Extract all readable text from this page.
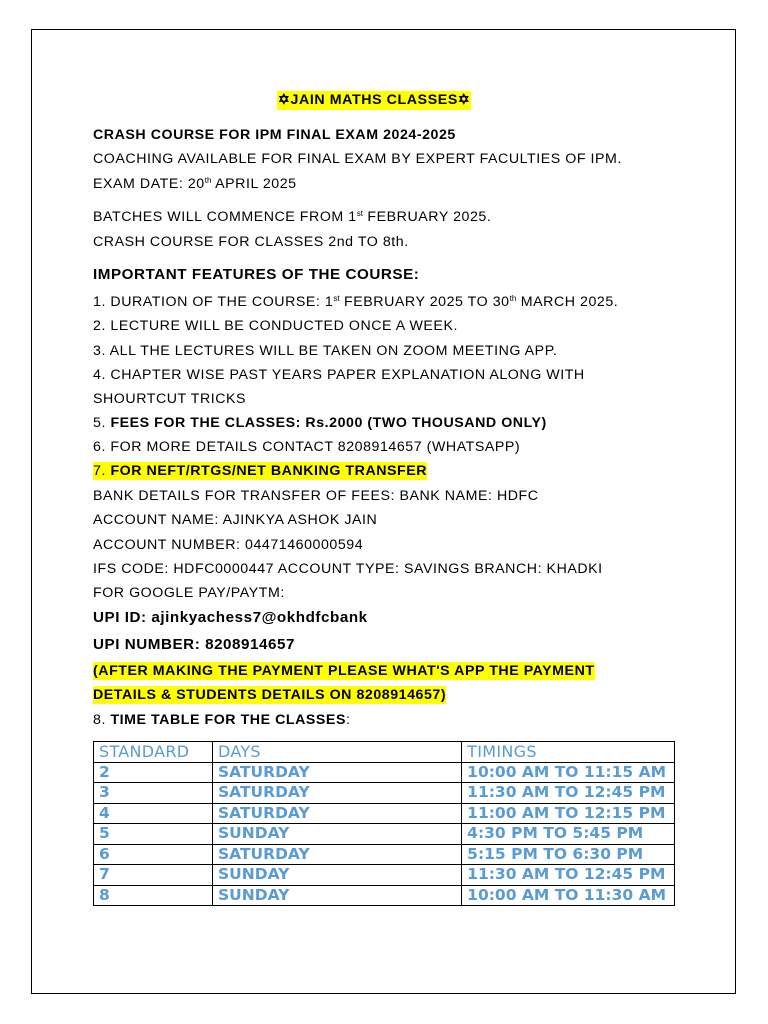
✡JAIN MATHS CLASSES✡
CRASH COURSE FOR IPM FINAL EXAM 2024-2025
COACHING AVAILABLE FOR FINAL EXAM BY EXPERT FACULTIES OF IPM.
EXAM DATE: 20th APRIL 2025
BATCHES WILL COMMENCE FROM 1st FEBRUARY 2025.
CRASH COURSE FOR CLASSES 2nd TO 8th.
IMPORTANT FEATURES OF THE COURSE:
1. DURATION OF THE COURSE: 1st FEBRUARY 2025 TO 30th MARCH 2025.
2. LECTURE WILL BE CONDUCTED ONCE A WEEK.
3. ALL THE LECTURES WILL BE TAKEN ON ZOOM MEETING APP.
4. CHAPTER WISE PAST YEARS PAPER EXPLANATION ALONG WITH
SHOURTCUT TRICKS
5. FEES FOR THE CLASSES: Rs.2000 (TWO THOUSAND ONLY)
6. FOR MORE DETAILS CONTACT 8208914657 (WHATSAPP)
7. FOR NEFT/RTGS/NET BANKING TRANSFER
BANK DETAILS FOR TRANSFER OF FEES: BANK NAME: HDFC
ACCOUNT NAME: AJINKYA ASHOK JAIN
ACCOUNT NUMBER: 04471460000594
IFS CODE: HDFC0000447 ACCOUNT TYPE: SAVINGS BRANCH: KHADKI
FOR GOOGLE PAY/PAYTM:
UPI ID: ajinkyachess7@okhdfcbank
UPI NUMBER: 8208914657
(AFTER MAKING THE PAYMENT PLEASE WHAT'S APP THE PAYMENT
DETAILS & STUDENTS DETAILS ON 8208914657)
8. TIME TABLE FOR THE CLASSES:
STANDARD	DAYS	TIMINGS
2	SATURDAY	10:00 AM TO 11:15 AM
3	SATURDAY	11:30 AM TO 12:45 PM
4	SATURDAY	11:00 AM TO 12:15 PM
5	SUNDAY	4:30 PM TO 5:45 PM
6	SATURDAY	5:15 PM TO 6:30 PM
7	SUNDAY	11:30 AM TO 12:45 PM
8	SUNDAY	10:00 AM TO 11:30 AM
